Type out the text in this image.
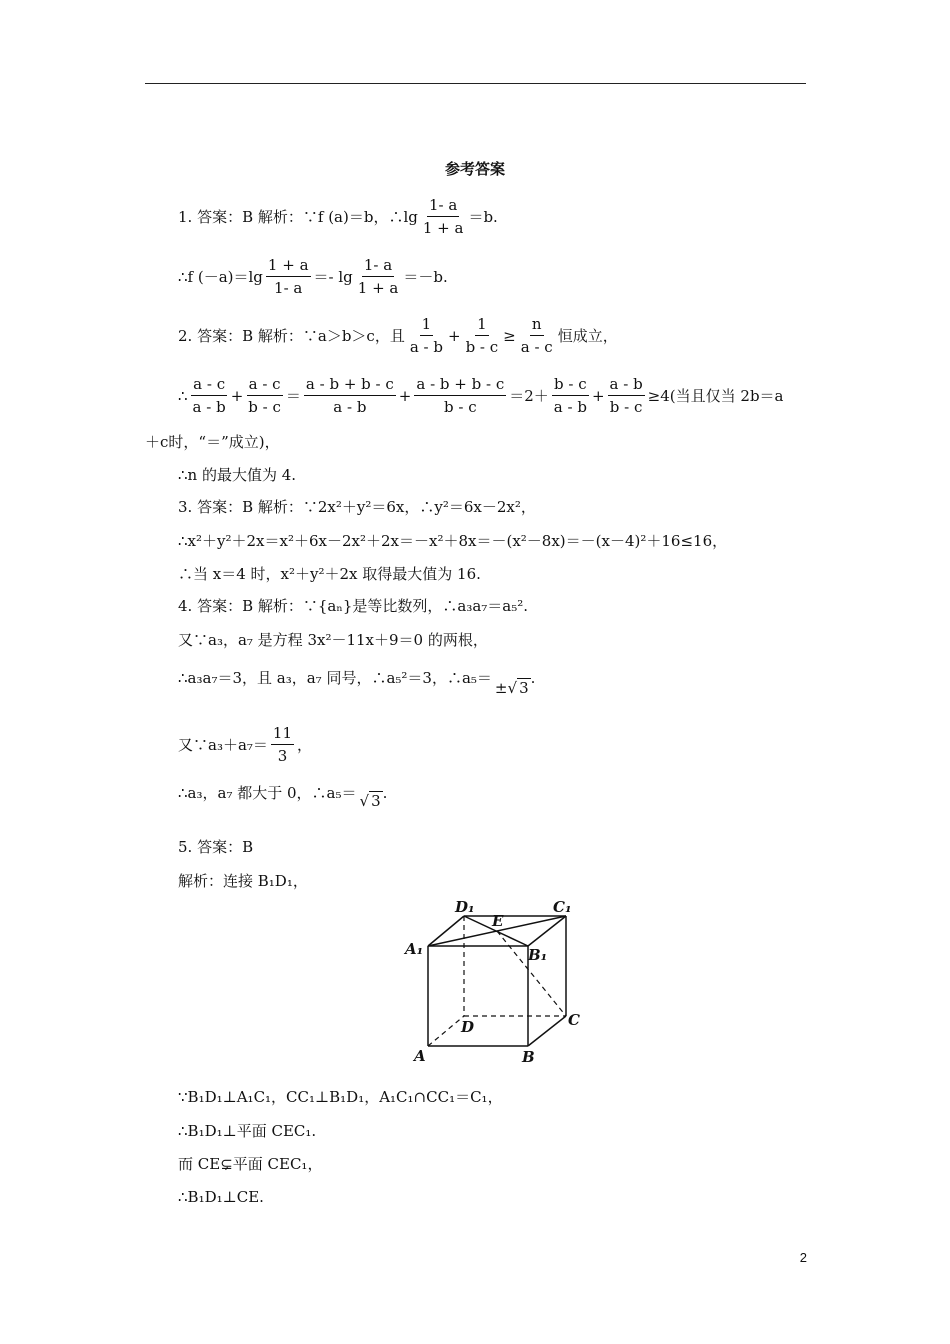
参考答案
1. 答案：B 解析：∵f (a)＝b，∴lg $\frac{1- a}{1 + a} =b$.
∴f $(-a)=\lg \frac{1 + a}{1- a} =- \lg \frac{1- a}{1 + a} =-b$.
2. 答案：B 解析：∵a＞b＞c，且 $\frac{1}{a - b} + \frac{1}{b - c} \ge \frac{n}{a - c}$ 恒成立，
∴ $\frac{a - c}{a - b} + \frac{a - c}{b - c} = \frac{a - b + b - c}{a - b} + \frac{a - b + b - c}{b - c} =2+ \frac{b - c}{a - b} + \frac{a - b}{b - c} \ge 4$(当且仅当 2b＝a
＋c时，“＝”成立)，
∴n 的最大值为 4.
3. 答案：B 解析：∵2x²＋y²＝6x，∴y²＝6x－2x²，
∴x²＋y²＋2x＝x²＋6x－2x²＋2x＝－x²＋8x＝－(x²－8x)＝－(x－4)²＋16≤16，
∴当 x＝4 时，x²＋y²＋2x 取得最大值为 16.
4. 答案：B 解析：∵{aₙ}是等比数列，∴a₃a₇＝a₅².
又∵a₃，a₇ 是方程 3x²－11x＋9＝0 的两根，
∴a₃a₇＝3，且 a₃，a₇ 同号，∴a₅²＝3，∴a₅＝
±√ 3
.
又∵a₃＋a₇＝ $\frac{11}{3}$ ，
∴a₃，a₇ 都大于 0，∴a₅＝ √ 3 .
5. 答案：B
解析：连接 B₁D₁，
D₁
E
C₁
A₁	B₁
D	C
A	B
∵B₁D₁⊥A₁C₁，CC₁⊥B₁D₁，A₁C₁∩CC₁＝C₁，
∴B₁D₁⊥平面 CEC₁.
而 CE⊊平面 CEC₁，
∴B₁D₁⊥CE.
2
